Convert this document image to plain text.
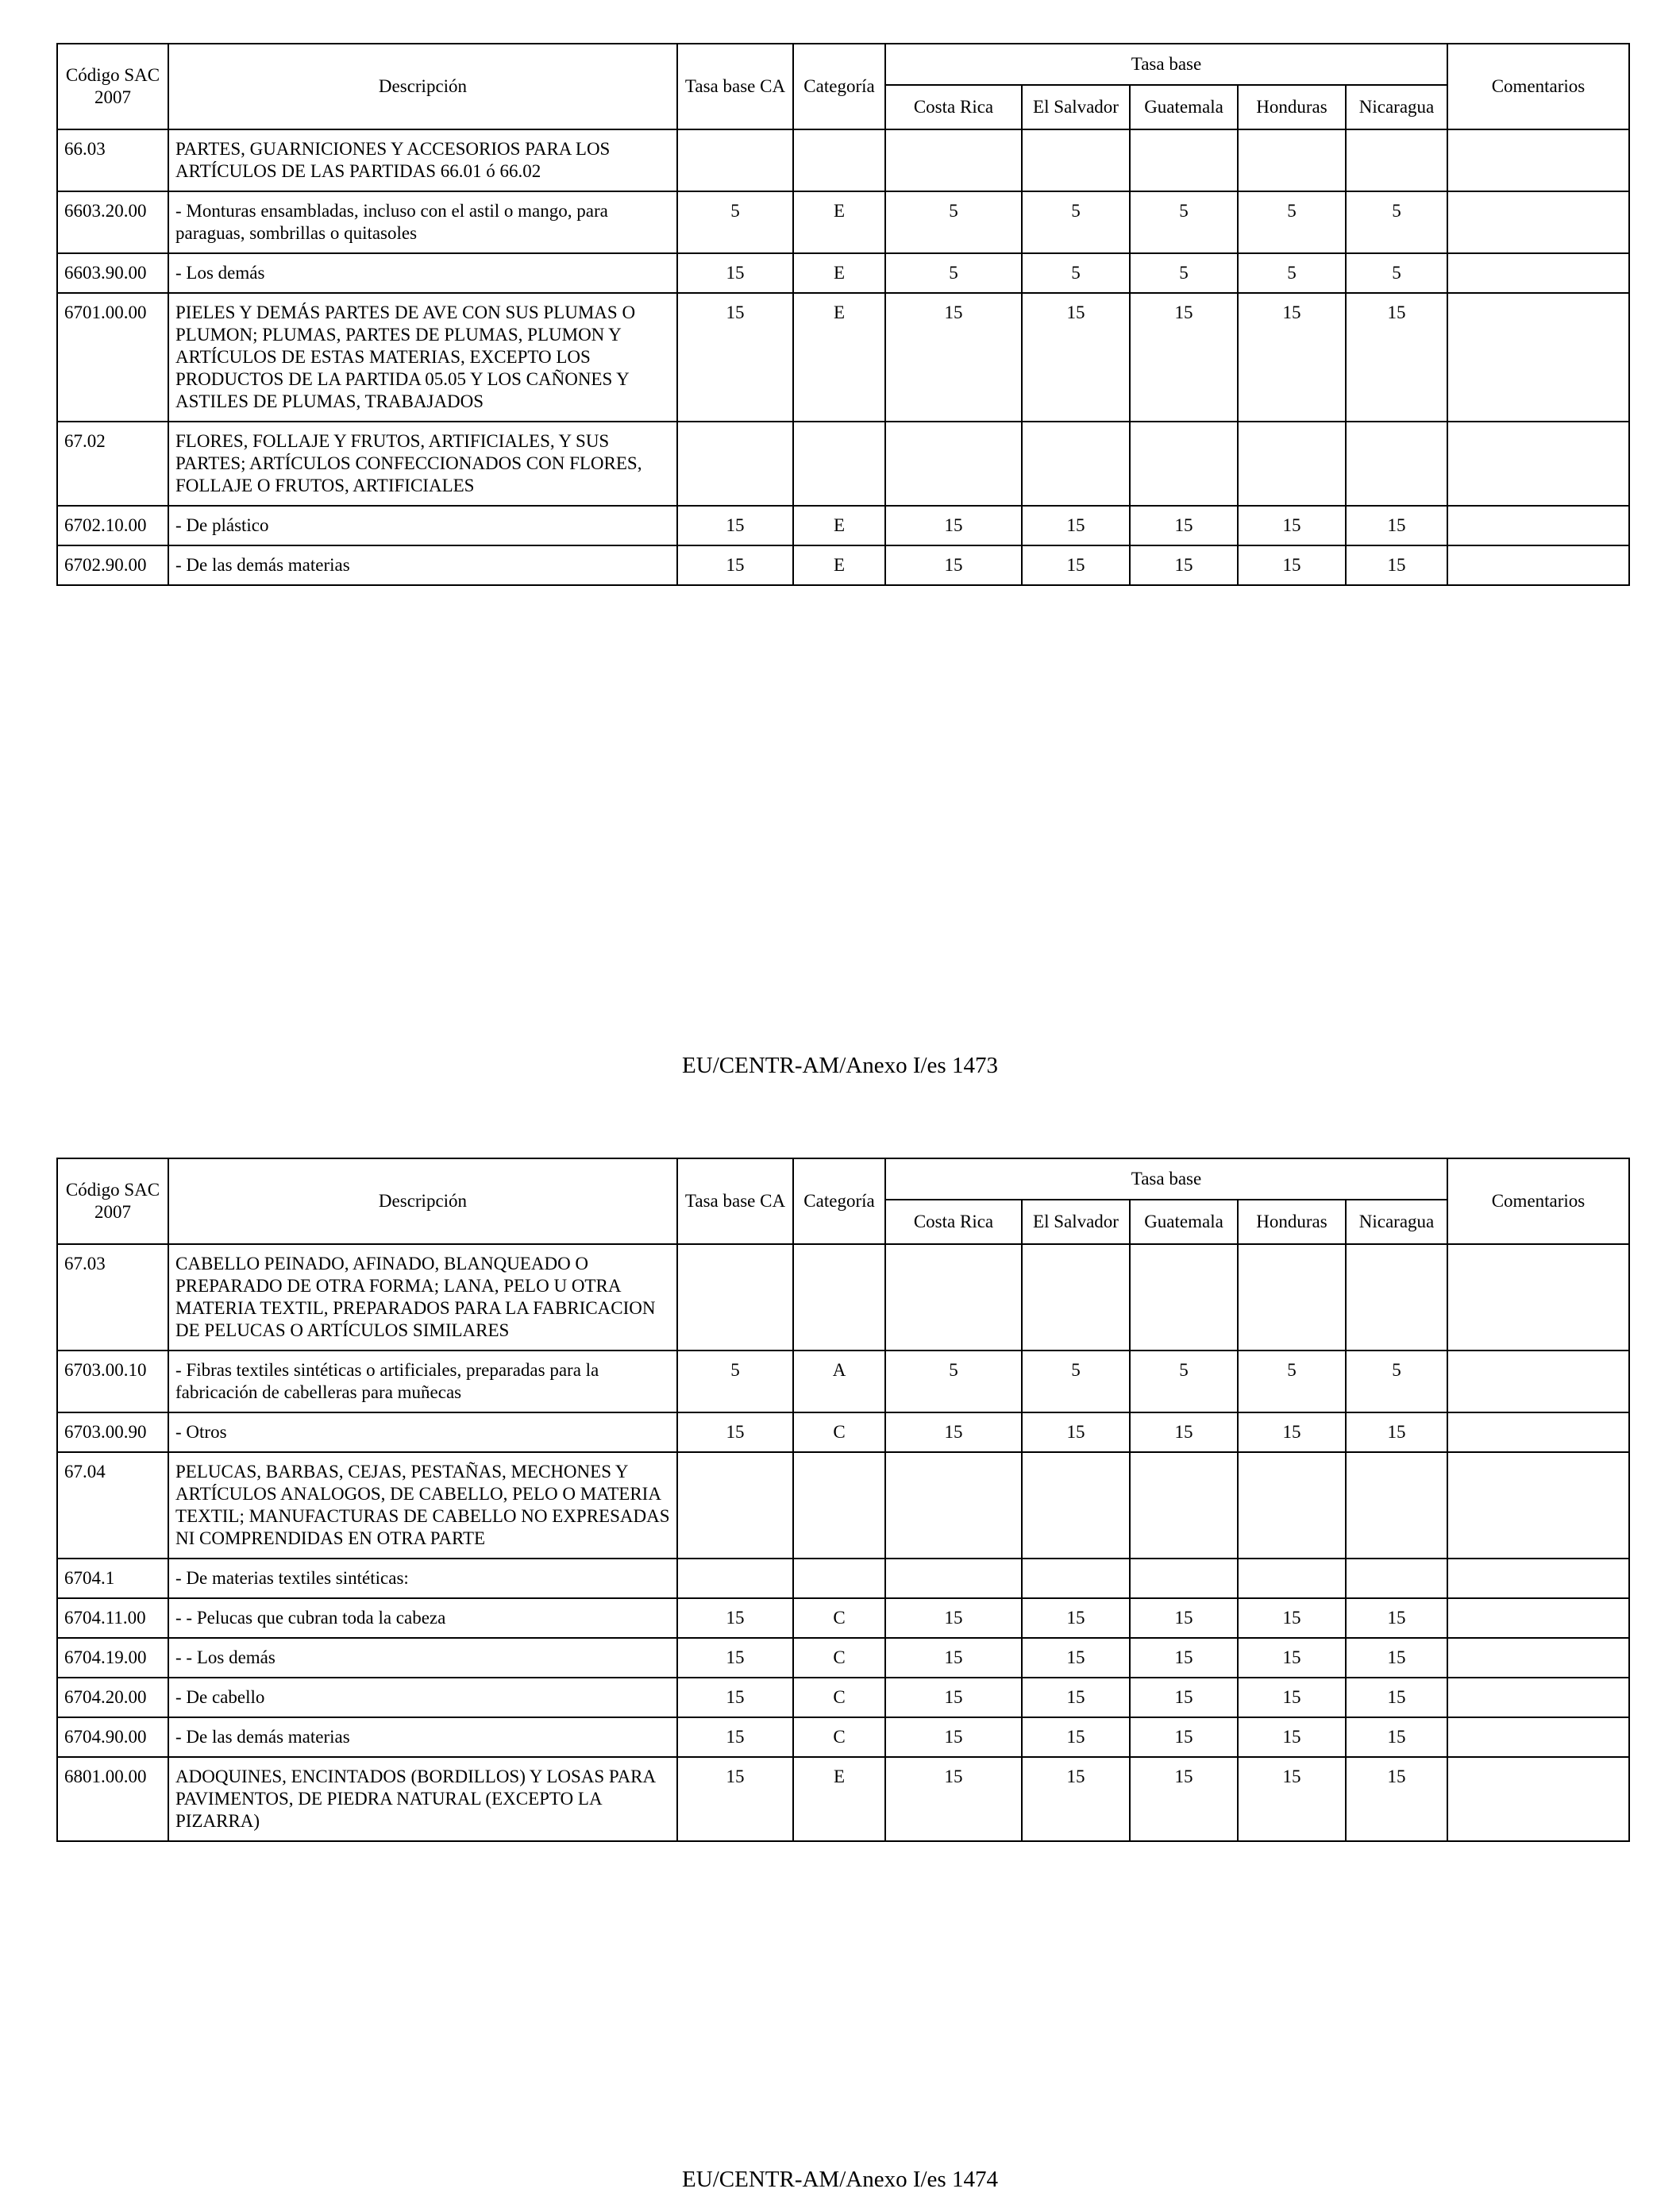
Código SAC 2007	Descripción	Tasa base CA	Categoría	Tasa base					Comentarios
				Costa Rica	El Salvador	Guatemala	Honduras	Nicaragua	
66.03	PARTES, GUARNICIONES Y ACCESORIOS PARA LOS ARTÍCULOS DE LAS PARTIDAS 66.01 ó 66.02								
6603.20.00	- Monturas ensambladas, incluso con el astil o mango, para paraguas, sombrillas o quitasoles	5	E	5	5	5	5	5	
6603.90.00	- Los demás	15	E	5	5	5	5	5	
6701.00.00	PIELES Y DEMÁS PARTES DE AVE CON SUS PLUMAS O PLUMON; PLUMAS, PARTES DE PLUMAS, PLUMON Y ARTÍCULOS DE ESTAS MATERIAS, EXCEPTO LOS PRODUCTOS DE LA PARTIDA 05.05 Y LOS CAÑONES Y ASTILES DE PLUMAS, TRABAJADOS	15	E	15	15	15	15	15	
67.02	FLORES, FOLLAJE Y FRUTOS, ARTIFICIALES, Y SUS PARTES; ARTÍCULOS CONFECCIONADOS CON FLORES, FOLLAJE O FRUTOS, ARTIFICIALES								
6702.10.00	- De plástico	15	E	15	15	15	15	15	
6702.90.00	- De las demás materias	15	E	15	15	15	15	15	
EU/CENTR-AM/Anexo I/es 1473
Código SAC 2007	Descripción	Tasa base CA	Categoría	Tasa base					Comentarios
				Costa Rica	El Salvador	Guatemala	Honduras	Nicaragua	
67.03	CABELLO PEINADO, AFINADO, BLANQUEADO O PREPARADO DE OTRA FORMA; LANA, PELO U OTRA MATERIA TEXTIL, PREPARADOS PARA LA FABRICACION DE PELUCAS O ARTÍCULOS SIMILARES								
6703.00.10	- Fibras textiles sintéticas o artificiales, preparadas para la fabricación de cabelleras para muñecas	5	A	5	5	5	5	5	
6703.00.90	- Otros	15	C	15	15	15	15	15	
67.04	PELUCAS, BARBAS, CEJAS, PESTAÑAS, MECHONES Y ARTÍCULOS ANALOGOS, DE CABELLO, PELO O MATERIA TEXTIL; MANUFACTURAS DE CABELLO NO EXPRESADAS NI COMPRENDIDAS EN OTRA PARTE								
6704.1	- De materias textiles sintéticas:								
6704.11.00	- - Pelucas que cubran toda la cabeza	15	C	15	15	15	15	15	
6704.19.00	- - Los demás	15	C	15	15	15	15	15	
6704.20.00	- De cabello	15	C	15	15	15	15	15	
6704.90.00	- De las demás materias	15	C	15	15	15	15	15	
6801.00.00	ADOQUINES, ENCINTADOS (BORDILLOS) Y LOSAS PARA PAVIMENTOS, DE PIEDRA NATURAL (EXCEPTO LA PIZARRA)	15	E	15	15	15	15	15	
EU/CENTR-AM/Anexo I/es 1474
